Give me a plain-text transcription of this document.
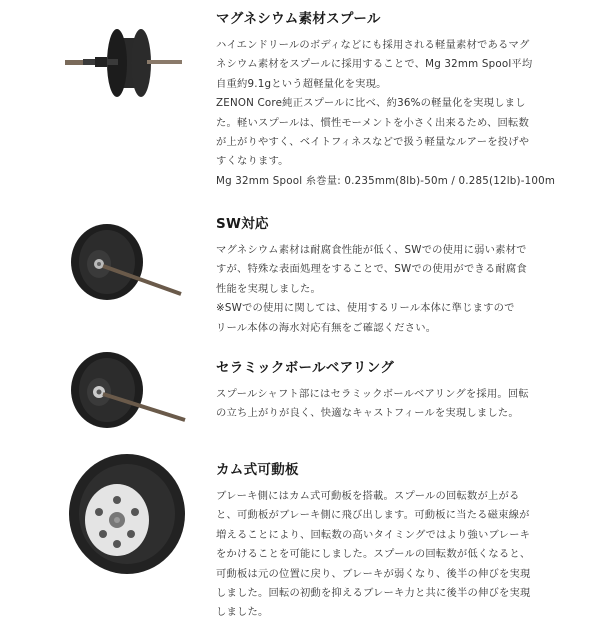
マグネシウム素材スプール

ハイエンドリールのボディなどにも採用される軽量素材であるマグ

ネシウム素材をスプールに採用することで、Mg 32mm Spool平均

自重約9.1gという超軽量化を実現。

ZENON Core純正スプールに比べ、約36%の軽量化を実現しまし

た。軽いスプールは、慣性モーメントを小さく出来るため、回転数

が上がりやすく、ベイトフィネスなどで扱う軽量なルアーを投げや

すくなります。

Mg 32mm Spool 糸巻量: 0.235mm(8lb)-50m / 0.285(12lb)-100m

SW対応

マグネシウム素材は耐腐食性能が低く、SWでの使用に弱い素材で

すが、特殊な表面処理をすることで、SWでの使用ができる耐腐食

性能を実現しました。

※SWでの使用に関しては、使用するリール本体に準じますので

リール本体の海水対応有無をご確認ください。

セラミックボールベアリング

スプールシャフト部にはセラミックボールベアリングを採用。回転

の立ち上がりが良く、快適なキャストフィールを実現しました。

カム式可動板

ブレーキ側にはカム式可動板を搭載。スプールの回転数が上がる

と、可動板がブレーキ側に飛び出します。可動板に当たる磁束線が

増えることにより、回転数の高いタイミングではより強いブレーキ

をかけることを可能にしました。スプールの回転数が低くなると、

可動板は元の位置に戻り、ブレーキが弱くなり、後半の伸びを実現

しました。回転の初動を抑えるブレーキ力と共に後半の伸びを実現

しました。
